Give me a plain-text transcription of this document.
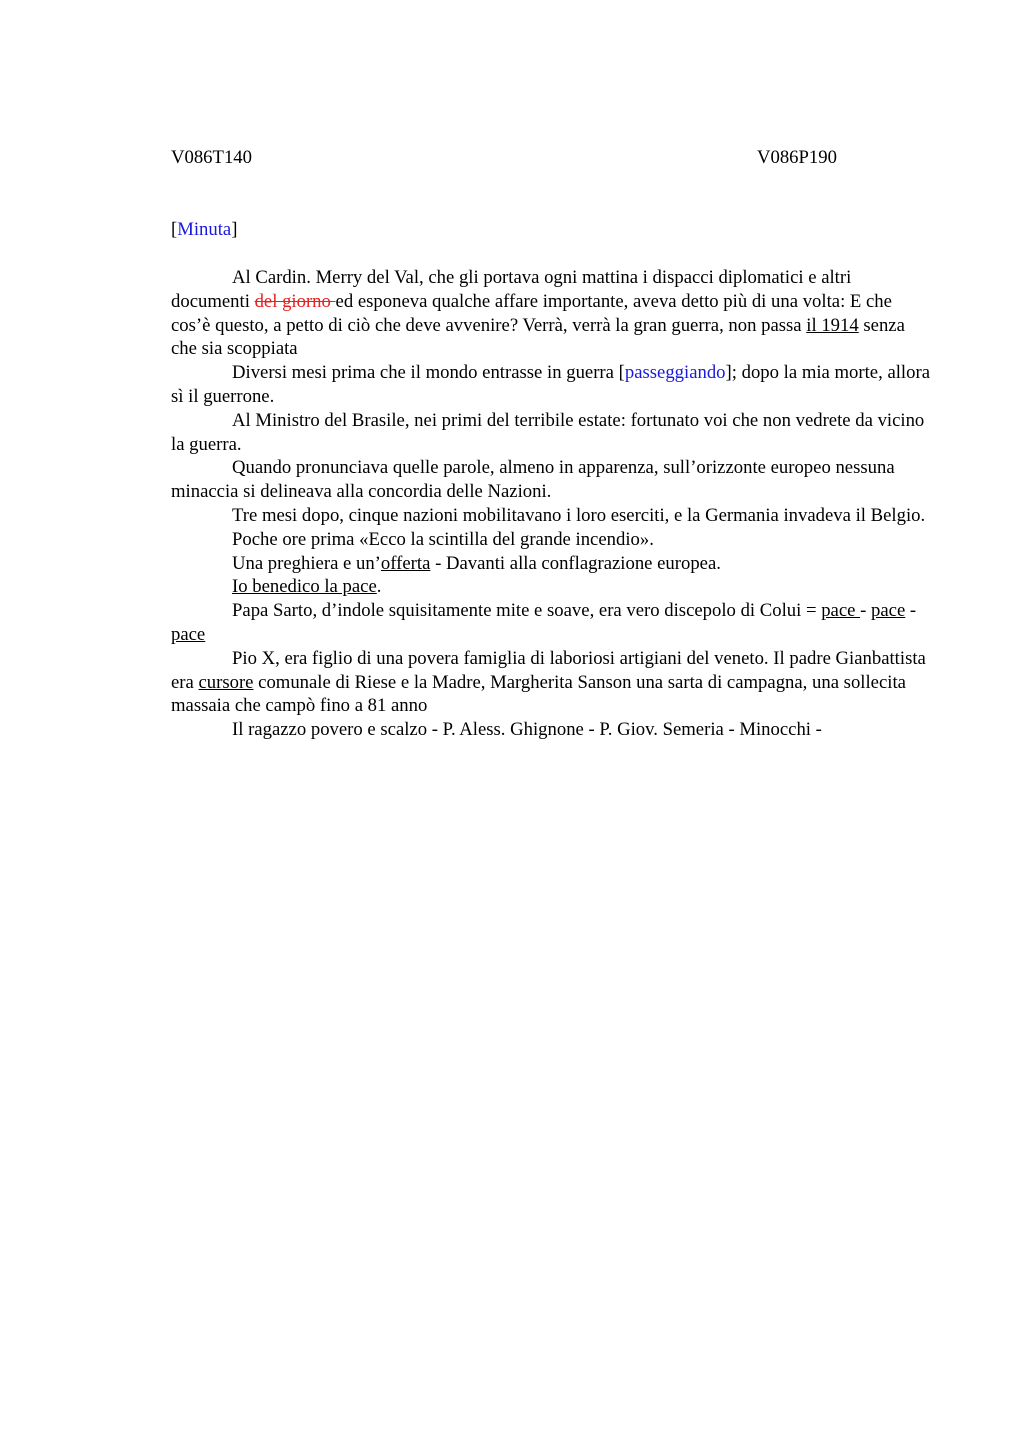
V086T140	V086P190
[Minuta]

Al Cardin. Merry del Val, che gli portava ogni mattina i dispacci diplomatici e altri documenti del giorno ed esponeva qualche affare importante, aveva detto più di una volta: E che cos’è questo, a petto di ciò che deve avvenire? Verrà, verrà la gran guerra, non passa il 1914 senza che sia scoppiata

Diversi mesi prima che il mondo entrasse in guerra [passeggiando]; dopo la mia morte, allora sì il guerrone.

Al Ministro del Brasile, nei primi del terribile estate: fortunato voi che non vedrete da vicino la guerra.

Quando pronunciava quelle parole, almeno in apparenza, sull’orizzonte europeo nessuna minaccia si delineava alla concordia delle Nazioni.

Tre mesi dopo, cinque nazioni mobilitavano i loro eserciti, e la Germania invadeva il Belgio.

Poche ore prima «Ecco la scintilla del grande incendio».

Una preghiera e un’offerta - Davanti alla conflagrazione europea.

Io benedico la pace.

Papa Sarto, d’indole squisitamente mite e soave, era vero discepolo di Colui = pace - pace - pace

Pio X, era figlio di una povera famiglia di laboriosi artigiani del veneto. Il padre Gianbattista era cursore comunale di Riese e la Madre, Margherita Sanson una sarta di campagna, una sollecita massaia che campò fino a 81 anno

Il ragazzo povero e scalzo - P. Aless. Ghignone - P. Giov. Semeria - Minocchi -
